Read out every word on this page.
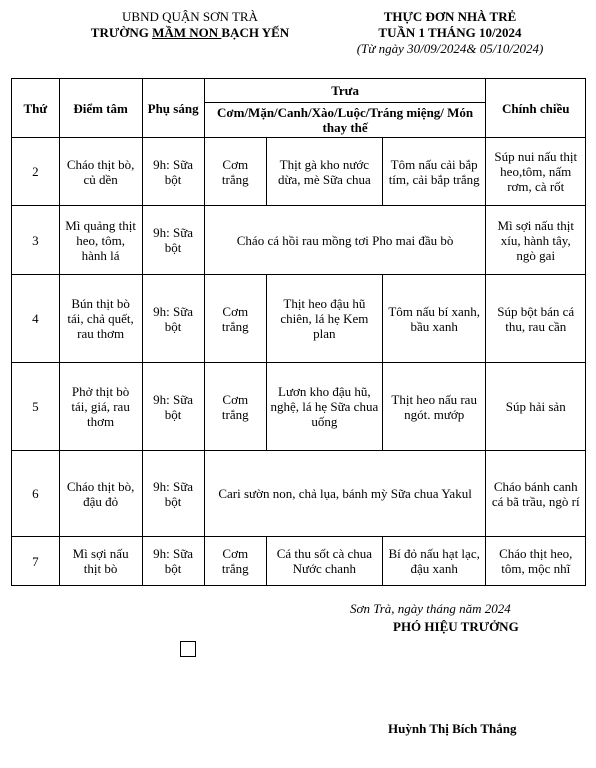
UBND QUẬN SƠN TRÀ
TRƯỜNG MẦM NON BẠCH YẾN
THỰC ĐƠN NHÀ TRẺ
TUẦN 1 THÁNG 10/2024
(Từ ngày 30/09/2024& 05/10/2024)
Thứ	Điểm tâm	Phụ sáng	Trưa			Chính chiều
			Cơm/Mặn/Canh/Xào/Luộc/Tráng miệng/ Món thay thế			
2	Cháo thịt bò, củ dền	9h: Sữa bột	Cơm trắng	Thịt gà kho nước dừa, mè Sữa chua	Tôm nấu cải bắp tím, cải bắp trắng	Súp nui nấu thịt heo,tôm, nấm rơm, cà rốt
3	Mì quảng thịt heo, tôm, hành lá	9h: Sữa bột	Cháo cá hồi rau mồng tơi Pho mai đầu bò			Mì sợi nấu thịt xíu, hành tây, ngò gai
4	Bún thịt bò tái, chả quết, rau thơm	9h: Sữa bột	Cơm trắng	Thịt heo đậu hũ chiên, lá hẹ Kem plan	Tôm nấu bí xanh, bầu xanh	Súp bột bán cá thu, rau cần
5	Phở thịt bò tái, giá, rau thơm	9h: Sữa bột	Cơm trắng	Lươn kho đậu hũ, nghệ, lá hẹ Sữa chua uống	Thịt heo nấu rau ngót. mướp	Súp hải sản
6	Cháo thịt bò, đậu đỏ	9h: Sữa bột	Cari sườn non, chả lụa, bánh mỳ Sữa chua Yakul			Cháo bánh canh cá bã trầu, ngò rí
7	Mì sợi nấu thịt bò	9h: Sữa bột	Cơm trắng	Cá thu sốt cà chua Nước chanh	Bí đỏ nấu hạt lạc, đậu xanh	Cháo thịt heo, tôm, mộc nhĩ
Sơn Trà, ngày tháng năm 2024
PHÓ HIỆU TRƯỞNG
Huỳnh Thị Bích Thắng
